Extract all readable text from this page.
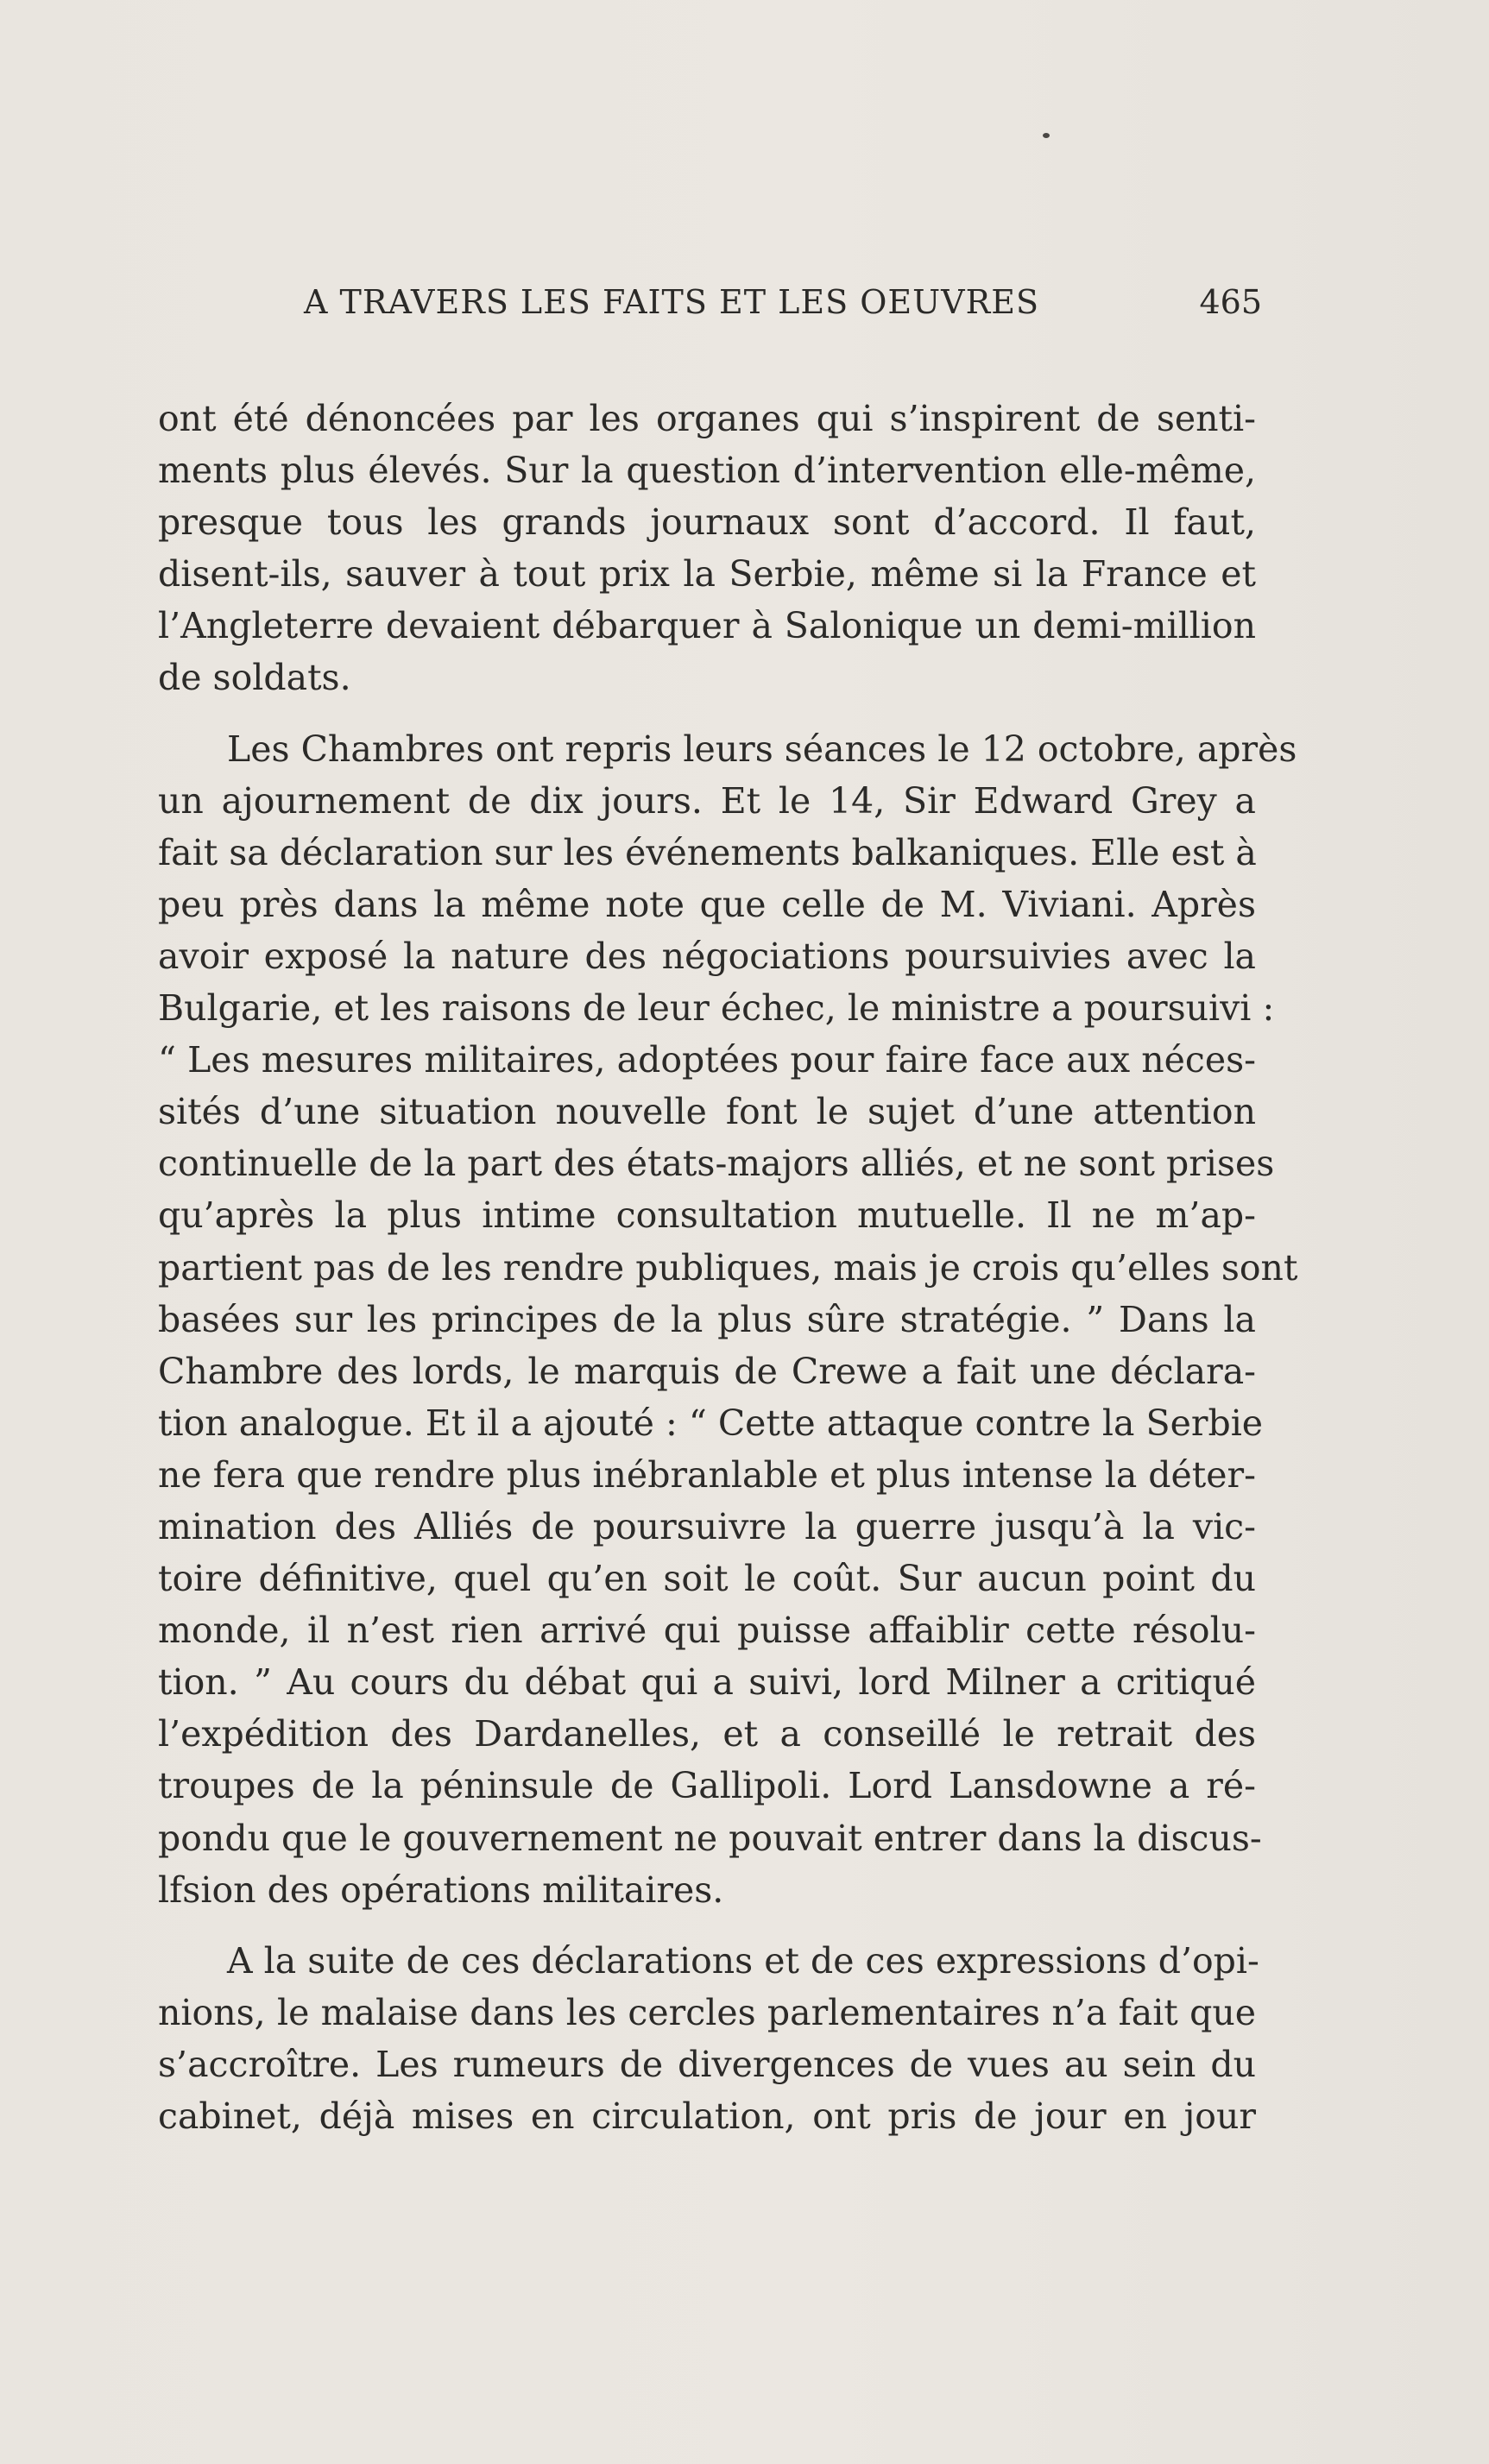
A TRAVERS LES FAITS ET LES OEUVRES	465
ont été dénoncées par les organes qui s’inspirent de senti-
ments plus élevés. Sur la question d’intervention elle-même,
presque tous les grands journaux sont d’accord. Il faut,
disent-ils, sauver à tout prix la Serbie, même si la France et
l’Angleterre devaient débarquer à Salonique un demi-million
de soldats.
Les Chambres ont repris leurs séances le 12 octobre, après
un ajournement de dix jours. Et le 14, Sir Edward Grey a
fait sa déclaration sur les événements balkaniques. Elle est à
peu près dans la même note que celle de M. Viviani. Après
avoir exposé la nature des négociations poursuivies avec la
Bulgarie, et les raisons de leur échec, le ministre a poursuivi :
“ Les mesures militaires, adoptées pour faire face aux néces-
sités d’une situation nouvelle font le sujet d’une attention
continuelle de la part des états-majors alliés, et ne sont prises
qu’après la plus intime consultation mutuelle. Il ne m’ap-
partient pas de les rendre publiques, mais je crois qu’elles sont
basées sur les principes de la plus sûre stratégie. ” Dans la
Chambre des lords, le marquis de Crewe a fait une déclara-
tion analogue. Et il a ajouté : “ Cette attaque contre la Serbie
ne fera que rendre plus inébranlable et plus intense la déter-
mination des Alliés de poursuivre la guerre jusqu’à la vic-
toire définitive, quel qu’en soit le coût. Sur aucun point du
monde, il n’est rien arrivé qui puisse affaiblir cette résolu-
tion. ” Au cours du débat qui a suivi, lord Milner a critiqué
l’expédition des Dardanelles, et a conseillé le retrait des
troupes de la péninsule de Gallipoli. Lord Lansdowne a ré-
pondu que le gouvernement ne pouvait entrer dans la discus-
lfsion des opérations militaires.
A la suite de ces déclarations et de ces expressions d’opi-
nions, le malaise dans les cercles parlementaires n’a fait que
s’accroître. Les rumeurs de divergences de vues au sein du
cabinet, déjà mises en circulation, ont pris de jour en jour
